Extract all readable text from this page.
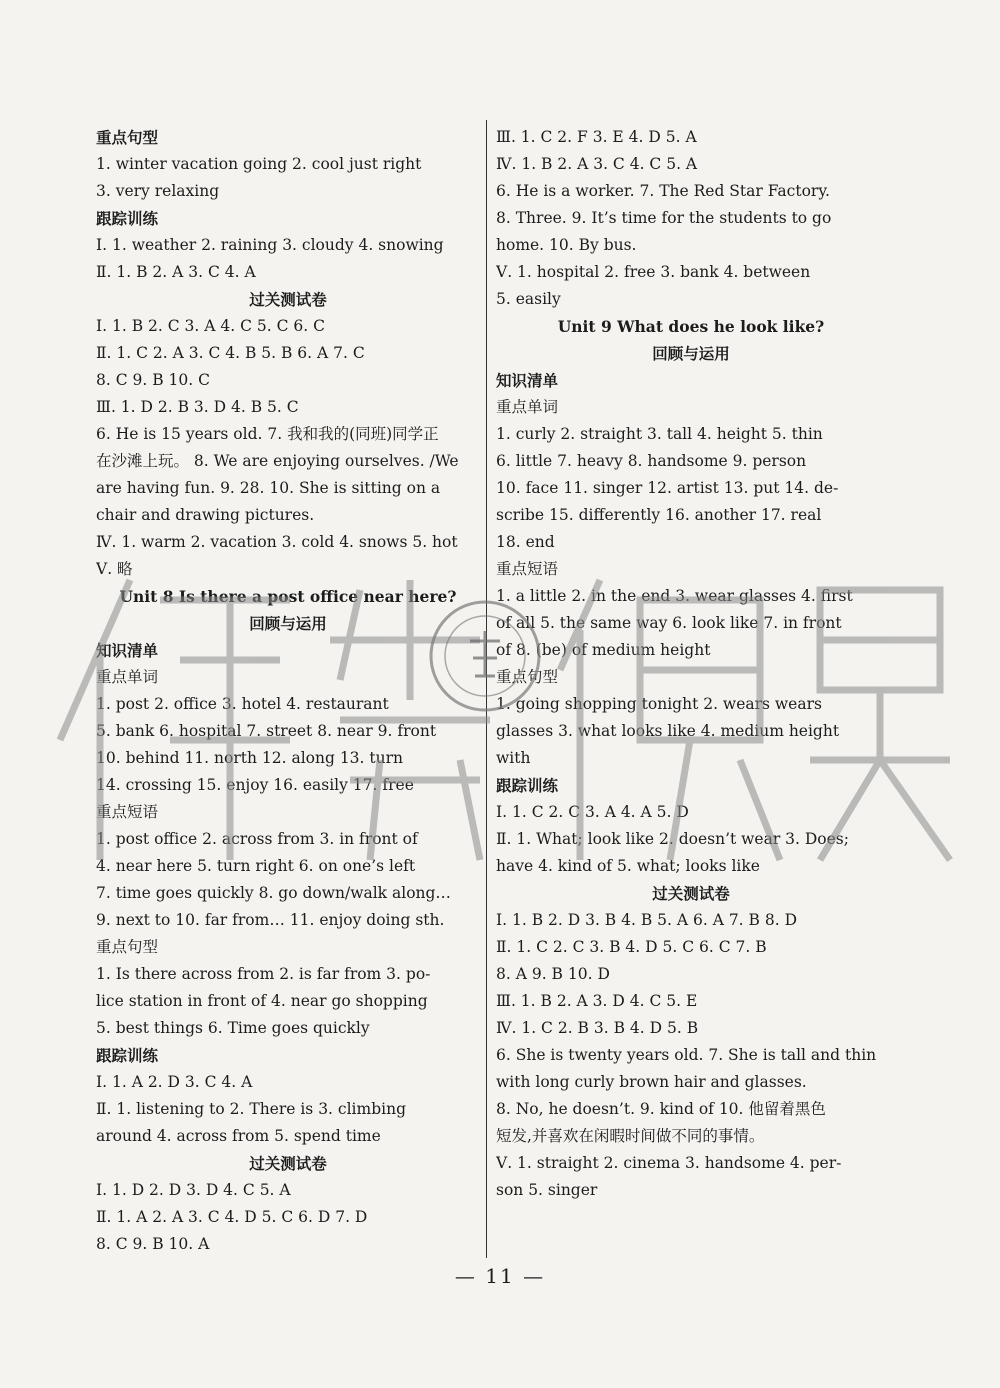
重点句型
1. winter vacation going 2. cool just right
3. very relaxing
跟踪训练
Ⅰ. 1. weather 2. raining 3. cloudy 4. snowing
Ⅱ. 1. B 2. A 3. C 4. A
过关测试卷
Ⅰ. 1. B 2. C 3. A 4. C 5. C 6. C
Ⅱ. 1. C 2. A 3. C 4. B 5. B 6. A 7. C
8. C 9. B 10. C
Ⅲ. 1. D 2. B 3. D 4. B 5. C
6. He is 15 years old. 7. 我和我的(同班)同学正
在沙滩上玩。 8. We are enjoying ourselves. /We
are having fun. 9. 28. 10. She is sitting on a
chair and drawing pictures.
Ⅳ. 1. warm 2. vacation 3. cold 4. snows 5. hot
Ⅴ. 略
Unit 8 Is there a post office near here?
回顾与运用
知识清单
重点单词
1. post 2. office 3. hotel 4. restaurant
5. bank 6. hospital 7. street 8. near 9. front
10. behind 11. north 12. along 13. turn
14. crossing 15. enjoy 16. easily 17. free
重点短语
1. post office 2. across from 3. in front of
4. near here 5. turn right 6. on one’s left
7. time goes quickly 8. go down/walk along…
9. next to 10. far from… 11. enjoy doing sth.
重点句型
1. Is there across from 2. is far from 3. po-
lice station in front of 4. near go shopping
5. best things 6. Time goes quickly
跟踪训练
Ⅰ. 1. A 2. D 3. C 4. A
Ⅱ. 1. listening to 2. There is 3. climbing
around 4. across from 5. spend time
过关测试卷
Ⅰ. 1. D 2. D 3. D 4. C 5. A
Ⅱ. 1. A 2. A 3. C 4. D 5. C 6. D 7. D
8. C 9. B 10. A
Ⅲ. 1. C 2. F 3. E 4. D 5. A
Ⅳ. 1. B 2. A 3. C 4. C 5. A
6. He is a worker. 7. The Red Star Factory.
8. Three. 9. It’s time for the students to go
home. 10. By bus.
Ⅴ. 1. hospital 2. free 3. bank 4. between
5. easily
Unit 9 What does he look like?
回顾与运用
知识清单
重点单词
1. curly 2. straight 3. tall 4. height 5. thin
6. little 7. heavy 8. handsome 9. person
10. face 11. singer 12. artist 13. put 14. de-
scribe 15. differently 16. another 17. real
18. end
重点短语
1. a little 2. in the end 3. wear glasses 4. first
of all 5. the same way 6. look like 7. in front
of 8. (be) of medium height
重点句型
1. going shopping tonight 2. wears wears
glasses 3. what looks like 4. medium height
with
跟踪训练
Ⅰ. 1. C 2. C 3. A 4. A 5. D
Ⅱ. 1. What; look like 2. doesn’t wear 3. Does;
have 4. kind of 5. what; looks like
过关测试卷
Ⅰ. 1. B 2. D 3. B 4. B 5. A 6. A 7. B 8. D
Ⅱ. 1. C 2. C 3. B 4. D 5. C 6. C 7. B
8. A 9. B 10. D
Ⅲ. 1. B 2. A 3. D 4. C 5. E
Ⅳ. 1. C 2. B 3. B 4. D 5. B
6. She is twenty years old. 7. She is tall and thin
with long curly brown hair and glasses.
8. No, he doesn’t. 9. kind of 10. 他留着黑色
短发,并喜欢在闲暇时间做不同的事情。
Ⅴ. 1. straight 2. cinema 3. handsome 4. per-
son 5. singer
— 11 —
